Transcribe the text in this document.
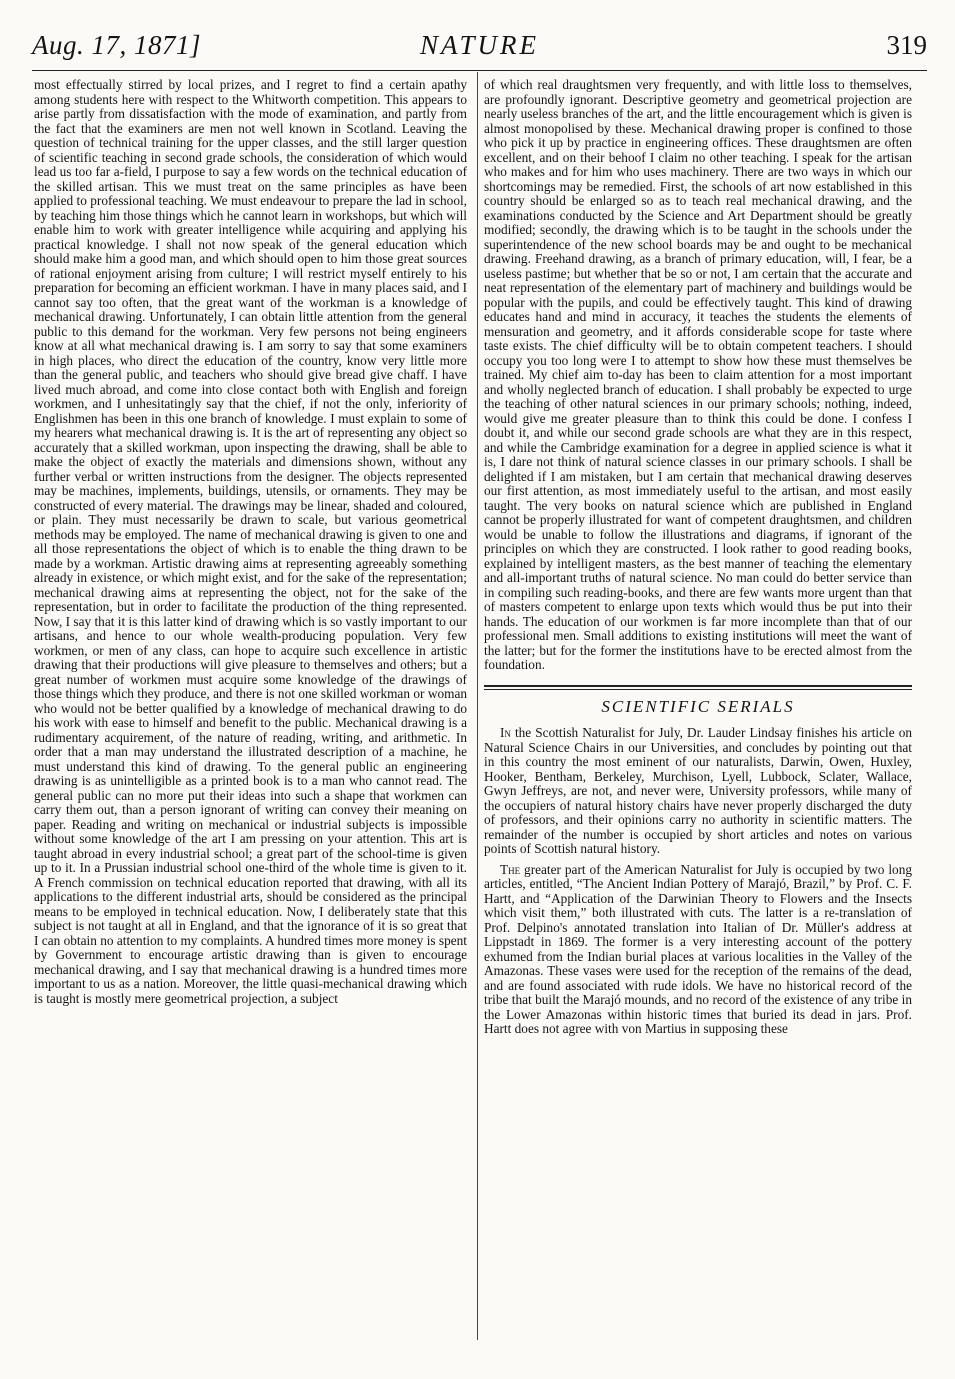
Aug. 17, 1871]	NATURE	319

most effectually stirred by local prizes, and I regret to find a certain apathy among students here with respect to the Whitworth competition. This appears to arise partly from dissatisfaction with the mode of examination, and partly from the fact that the examiners are men not well known in Scotland. Leaving the question of technical training for the upper classes, and the still larger question of scientific teaching in second grade schools, the consideration of which would lead us too far a-field, I purpose to say a few words on the technical education of the skilled artisan. This we must treat on the same principles as have been applied to professional teaching. We must endeavour to prepare the lad in school, by teaching him those things which he cannot learn in workshops, but which will enable him to work with greater intelligence while acquiring and applying his practical knowledge. I shall not now speak of the general education which should make him a good man, and which should open to him those great sources of rational enjoyment arising from culture; I will restrict myself entirely to his preparation for becoming an efficient workman. I have in many places said, and I cannot say too often, that the great want of the workman is a knowledge of mechanical drawing. Unfortunately, I can obtain little attention from the general public to this demand for the workman. Very few persons not being engineers know at all what mechanical drawing is. I am sorry to say that some examiners in high places, who direct the education of the country, know very little more than the general public, and teachers who should give bread give chaff. I have lived much abroad, and come into close contact both with English and foreign workmen, and I unhesitatingly say that the chief, if not the only, inferiority of Englishmen has been in this one branch of knowledge. I must explain to some of my hearers what mechanical drawing is. It is the art of representing any object so accurately that a skilled workman, upon inspecting the drawing, shall be able to make the object of exactly the materials and dimensions shown, without any further verbal or written instructions from the designer. The objects represented may be machines, implements, buildings, utensils, or ornaments. They may be constructed of every material. The drawings may be linear, shaded and coloured, or plain. They must necessarily be drawn to scale, but various geometrical methods may be employed. The name of mechanical drawing is given to one and all those representations the object of which is to enable the thing drawn to be made by a workman. Artistic drawing aims at representing agreeably something already in existence, or which might exist, and for the sake of the representation; mechanical drawing aims at representing the object, not for the sake of the representation, but in order to facilitate the production of the thing represented. Now, I say that it is this latter kind of drawing which is so vastly important to our artisans, and hence to our whole wealth-producing population. Very few workmen, or men of any class, can hope to acquire such excellence in artistic drawing that their productions will give pleasure to themselves and others; but a great number of workmen must acquire some knowledge of the drawings of those things which they produce, and there is not one skilled workman or woman who would not be better qualified by a knowledge of mechanical drawing to do his work with ease to himself and benefit to the public. Mechanical drawing is a rudimentary acquirement, of the nature of reading, writing, and arithmetic. In order that a man may understand the illustrated description of a machine, he must understand this kind of drawing. To the general public an engineering drawing is as unintelligible as a printed book is to a man who cannot read. The general public can no more put their ideas into such a shape that workmen can carry them out, than a person ignorant of writing can convey their meaning on paper. Reading and writing on mechanical or industrial subjects is impossible without some knowledge of the art I am pressing on your attention. This art is taught abroad in every industrial school; a great part of the school-time is given up to it. In a Prussian industrial school one-third of the whole time is given to it. A French commission on technical education reported that drawing, with all its applications to the different industrial arts, should be considered as the principal means to be employed in technical education. Now, I deliberately state that this subject is not taught at all in England, and that the ignorance of it is so great that I can obtain no attention to my complaints. A hundred times more money is spent by Government to encourage artistic drawing than is given to encourage mechanical drawing, and I say that mechanical drawing is a hundred times more important to us as a nation. Moreover, the little quasi-mechanical drawing which is taught is mostly mere geometrical projection, a subject

of which real draughtsmen very frequently, and with little loss to themselves, are profoundly ignorant. Descriptive geometry and geometrical projection are nearly useless branches of the art, and the little encouragement which is given is almost monopolised by these. Mechanical drawing proper is confined to those who pick it up by practice in engineering offices. These draughtsmen are often excellent, and on their behoof I claim no other teaching. I speak for the artisan who makes and for him who uses machinery. There are two ways in which our shortcomings may be remedied. First, the schools of art now established in this country should be enlarged so as to teach real mechanical drawing, and the examinations conducted by the Science and Art Department should be greatly modified; secondly, the drawing which is to be taught in the schools under the superintendence of the new school boards may be and ought to be mechanical drawing. Freehand drawing, as a branch of primary education, will, I fear, be a useless pastime; but whether that be so or not, I am certain that the accurate and neat representation of the elementary part of machinery and buildings would be popular with the pupils, and could be effectively taught. This kind of drawing educates hand and mind in accuracy, it teaches the students the elements of mensuration and geometry, and it affords considerable scope for taste where taste exists. The chief difficulty will be to obtain competent teachers. I should occupy you too long were I to attempt to show how these must themselves be trained. My chief aim to-day has been to claim attention for a most important and wholly neglected branch of education. I shall probably be expected to urge the teaching of other natural sciences in our primary schools; nothing, indeed, would give me greater pleasure than to think this could be done. I confess I doubt it, and while our second grade schools are what they are in this respect, and while the Cambridge examination for a degree in applied science is what it is, I dare not think of natural science classes in our primary schools. I shall be delighted if I am mistaken, but I am certain that mechanical drawing deserves our first attention, as most immediately useful to the artisan, and most easily taught. The very books on natural science which are published in England cannot be properly illustrated for want of competent draughtsmen, and children would be unable to follow the illustrations and diagrams, if ignorant of the principles on which they are constructed. I look rather to good reading books, explained by intelligent masters, as the best manner of teaching the elementary and all-important truths of natural science. No man could do better service than in compiling such reading-books, and there are few wants more urgent than that of masters competent to enlarge upon texts which would thus be put into their hands. The education of our workmen is far more incomplete than that of our professional men. Small additions to existing institutions will meet the want of the latter; but for the former the institutions have to be erected almost from the foundation.

SCIENTIFIC SERIALS

In the Scottish Naturalist for July, Dr. Lauder Lindsay finishes his article on Natural Science Chairs in our Universities, and concludes by pointing out that in this country the most eminent of our naturalists, Darwin, Owen, Huxley, Hooker, Bentham, Berkeley, Murchison, Lyell, Lubbock, Sclater, Wallace, Gwyn Jeffreys, are not, and never were, University professors, while many of the occupiers of natural history chairs have never properly discharged the duty of professors, and their opinions carry no authority in scientific matters. The remainder of the number is occupied by short articles and notes on various points of Scottish natural history.

The greater part of the American Naturalist for July is occupied by two long articles, entitled, “The Ancient Indian Pottery of Marajó, Brazil,” by Prof. C. F. Hartt, and “Application of the Darwinian Theory to Flowers and the Insects which visit them,” both illustrated with cuts. The latter is a re-translation of Prof. Delpino's annotated translation into Italian of Dr. Müller's address at Lippstadt in 1869. The former is a very interesting account of the pottery exhumed from the Indian burial places at various localities in the Valley of the Amazonas. These vases were used for the reception of the remains of the dead, and are found associated with rude idols. We have no historical record of the tribe that built the Marajó mounds, and no record of the existence of any tribe in the Lower Amazonas within historic times that buried its dead in jars. Prof. Hartt does not agree with von Martius in supposing these
